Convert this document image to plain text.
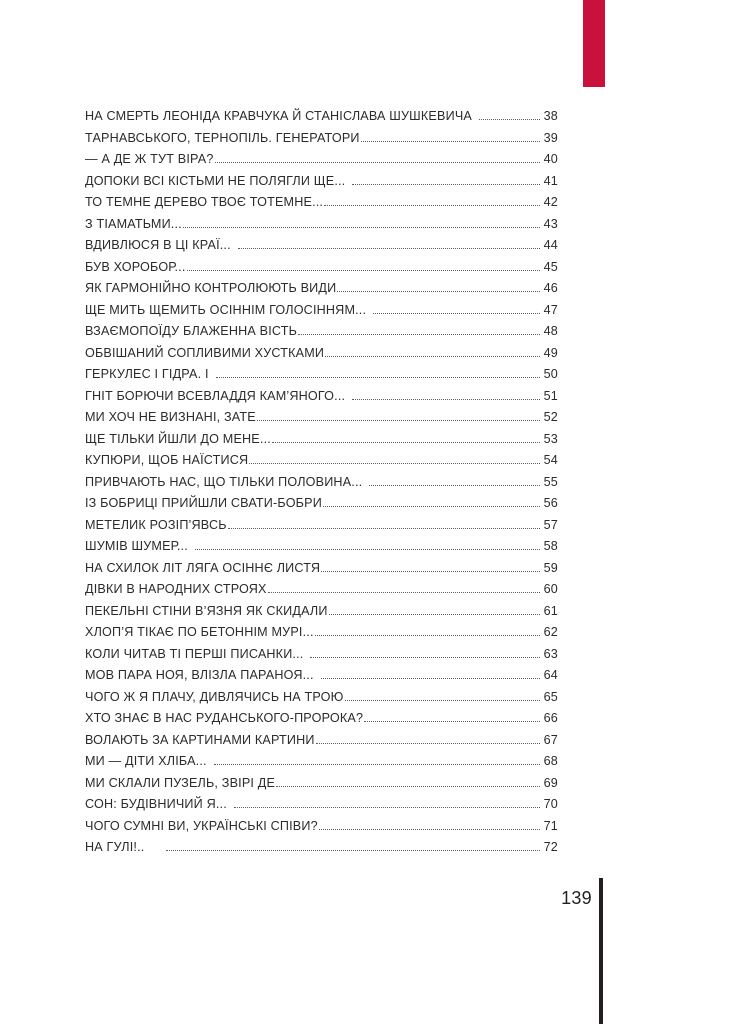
НА СМЕРТЬ ЛЕОНІДА КРАВЧУКА Й СТАНІСЛАВА ШУШКЕВИЧА	38
ТАРНАВСЬКОГО, ТЕРНОПІЛЬ. ГЕНЕРАТОРИ	39
— А ДЕ Ж ТУТ ВІРА?	40
ДОПОКИ ВСІ КІСТЬМИ НЕ ПОЛЯГЛИ ЩЕ...	41
ТО ТЕМНЕ ДЕРЕВО ТВОЄ ТОТЕМНЕ...	42
З ТІАМАТЬМИ...	43
ВДИВЛЮСЯ В ЦІ КРАЇ...	44
БУВ ХОРОБОР...	45
ЯК ГАРМОНІЙНО КОНТРОЛЮЮТЬ ВИДИ	46
ЩЕ МИТЬ ЩЕМИТЬ ОСІННІМ ГОЛОСІННЯМ...	47
ВЗАЄМОПОЇДУ БЛАЖЕННА ВІСТЬ	48
ОБВІШАНИЙ СОПЛИВИМИ ХУСТКАМИ	49
ГЕРКУЛЕС І ГІДРА. І	50
ГНІТ БОРЮЧИ ВСЕВЛАДДЯ КАМ’ЯНОГО...	51
МИ ХОЧ НЕ ВИЗНАНІ, ЗАТЕ	52
ЩЕ ТІЛЬКИ ЙШЛИ ДО МЕНЕ...	53
КУПЮРИ, ЩОБ НАЇСТИСЯ	54
ПРИВЧАЮТЬ НАС, ЩО ТІЛЬКИ ПОЛОВИНА...	55
ІЗ БОБРИЦІ ПРИЙШЛИ СВАТИ-БОБРИ	56
МЕТЕЛИК РОЗІП’ЯВСЬ	57
ШУМІВ ШУМЕР...	58
НА СХИЛОК ЛІТ ЛЯГА ОСІННЄ ЛИСТЯ	59
ДІВКИ В НАРОДНИХ СТРОЯХ	60
ПЕКЕЛЬНІ СТІНИ В’ЯЗНЯ ЯК СКИДАЛИ	61
ХЛОП’Я ТІКАЄ ПО БЕТОННІМ МУРІ...	62
КОЛИ ЧИТАВ ТІ ПЕРШІ ПИСАНКИ...	63
МОВ ПАРА НОЯ, ВЛІЗЛА ПАРАНОЯ...	64
ЧОГО Ж Я ПЛАЧУ, ДИВЛЯЧИСЬ НА ТРОЮ	65
ХТО ЗНАЄ В НАС РУДАНСЬКОГО-ПРОРОКА?	66
ВОЛАЮТЬ ЗА КАРТИНАМИ КАРТИНИ	67
МИ — ДІТИ ХЛІБА...	68
МИ СКЛАЛИ ПУЗЕЛЬ, ЗВІРІ ДЕ	69
СОН: БУДІВНИЧИЙ Я...	70
ЧОГО СУМНІ ВИ, УКРАЇНСЬКІ СПІВИ?	71
НА ГУЛІ!..	72
139
